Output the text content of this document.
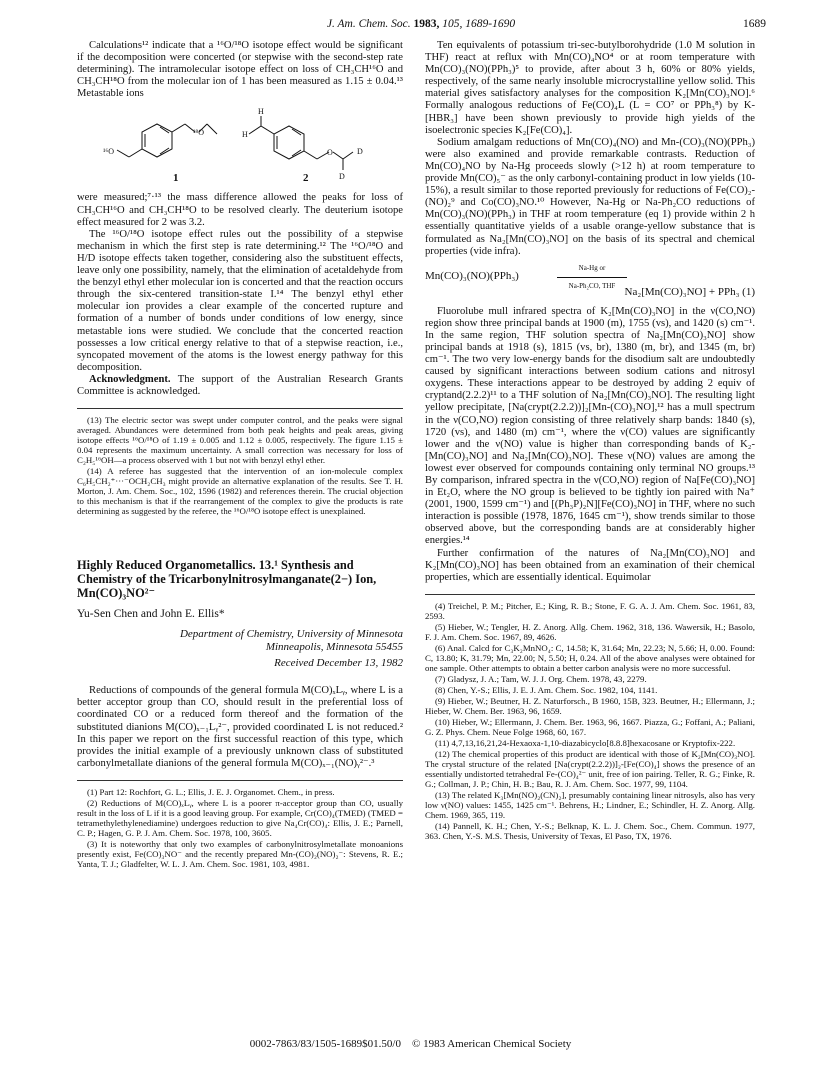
J. Am. Chem. Soc. 1983, 105, 1689-1690	1689

Calculations¹² indicate that a ¹⁶O/¹⁸O isotope effect would be significant if the decomposition were concerted (or stepwise with the second-step rate determining). The intramolecular isotope effect on loss of CH₃CH¹⁶O and CH₃CH¹⁸O from the molecular ion of 1 has been measured as 1.15 ± 0.04.¹³ Metastable ions

¹⁶O
¹⁸O
H
H
O	D
D
1	2

were measured;⁷·¹³ the mass difference allowed the peaks for loss of CH₃CH¹⁶O and CH₃CH¹⁸O to be resolved clearly. The deuterium isotope effect measured for 2 was 3.2.

The ¹⁶O/¹⁸O isotope effect rules out the possibility of a stepwise mechanism in which the first step is rate determining.¹² The ¹⁶O/¹⁸O and H/D isotope effects taken together, considering also the substituent effects, leave only one possibility, namely, that the elimination of acetaldehyde from the benzyl ethyl ether molecular ion is concerted and that the reaction occurs through the six-centered transition-state I.¹⁴ The benzyl ethyl ether molecular ion provides a clear example of the concerted rupture and formation of a number of bonds under conditions of low energy, since metastable ions were studied. We conclude that the concerted reaction possesses a low critical energy relative to that of a stepwise reaction, i.e., syncopated movement of the atoms is the lowest energy pathway for this decomposition.

Acknowledgment. The support of the Australian Research Grants Committee is acknowledged.

(13) The electric sector was swept under computer control, and the peaks were signal averaged. Abundances were determined from both peak heights and peak areas, giving isotope effects ¹⁶O/¹⁸O of 1.19 ± 0.005 and 1.12 ± 0.005, respectively. The figure 1.15 ± 0.04 represents the maximum uncertainty. A small correction was necessary for loss of C₂H₅¹⁶OH—a process observed with 1 but not with benzyl ethyl ether.

(14) A referee has suggested that the intervention of an ion-molecule complex C₆H₅CH₂⁺···⁻OCH₂CH₃ might provide an alternative explanation of the results. See T. H. Morton, J. Am. Chem. Soc., 102, 1596 (1982) and references therein. The crucial objection to this mechanism is that if the rearrangement of the complex to give the products is rate determining as suggested by the referee, the ¹⁶O/¹⁸O isotope effect is unexplained.

Highly Reduced Organometallics. 13.¹ Synthesis and Chemistry of the Tricarbonylnitrosylmanganate(2−) Ion, Mn(CO)₃NO²⁻
Yu-Sen Chen and John E. Ellis*
Department of Chemistry, University of Minnesota
Minneapolis, Minnesota 55455
Received December 13, 1982

Reductions of compounds of the general formula M(CO)ₓLᵧ, where L is a better acceptor group than CO, should result in the preferential loss of coordinated CO or a reduced form thereof and the formation of the substituted dianions M(CO)ₓ₋₁Lᵧ²⁻, provided coordinated L is not reduced.² In this paper we report on the first successful reaction of this type, which provides the initial example of a previously unknown class of substituted carbonylmetallate dianions of the general formula M(CO)ₓ₋₁(NO)ᵧ²⁻.³

(1) Part 12: Rochfort, G. L.; Ellis, J. E. J. Organomet. Chem., in press.

(2) Reductions of M(CO)ₓLᵧ, where L is a poorer π-acceptor group than CO, usually result in the loss of L if it is a good leaving group. For example, Cr(CO)₄(TMED) (TMED = tetramethylethylenediamine) undergoes reduction to give Na₄Cr(CO)₄: Ellis, J. E.; Parnell, C. P.; Hagen, G. P. J. Am. Chem. Soc. 1978, 100, 3605.

(3) It is noteworthy that only two examples of carbonylnitrosylmetallate monoanions presently exist, Fe(CO)₃NO⁻ and the recently prepared Mn-(CO)₂(NO)₂⁻: Stevens, R. E.; Yanta, T. J.; Gladfelter, W. L. J. Am. Chem. Soc. 1981, 103, 4981.

Ten equivalents of potassium tri-sec-butylborohydride (1.0 M solution in THF) react at reflux with Mn(CO)₄NO⁴ or at room temperature with Mn(CO)₃(NO)(PPh₃)⁵ to provide, after about 3 h, 60% or 80% yields, respectively, of the same nearly insoluble microcrystalline yellow solid. This material gives satisfactory analyses for the composition K₂[Mn(CO)₃NO].⁶ Formally analogous reductions of Fe(CO)₄L (L = CO⁷ or PPh₃⁸) by K-[HBR₃] have been shown previously to provide high yields of the isoelectronic species K₂[Fe(CO)₄].

Sodium amalgam reductions of Mn(CO)₄(NO) and Mn-(CO)₃(NO)(PPh₃) were also examined and provide remarkable contrasts. Reduction of Mn(CO)₄NO by Na-Hg proceeds slowly (>12 h) at room temperature to provide Mn(CO)₅⁻ as the only carbonyl-containing product in low yields (10-15%), a result similar to those reported previously for reductions of Fe(CO)₂-(NO)₂⁹ and Co(CO)₃NO.¹⁰ However, Na-Hg or Na-Ph₂CO reductions of Mn(CO)₃(NO)(PPh₃) in THF at room temperature (eq 1) provide within 2 h essentially quantitative yields of a usable orange-yellow substance that is formulated as Na₂[Mn(CO)₃NO] on the basis of its spectral and chemical properties (vide infra).

Mn(CO)₃(NO)(PPh₃)
Na-Hg or
Na-Ph₂CO, THF Na₂[Mn(CO)₃NO] + PPh₃ (1)

Fluorolube mull infrared spectra of K₂[Mn(CO)₃NO] in the ν(CO,NO) region show three principal bands at 1900 (m), 1755 (vs), and 1420 (s) cm⁻¹. In the same region, THF solution spectra of Na₂[Mn(CO)₃NO] show principal bands at 1918 (s), 1815 (vs, br), 1380 (m, br), and 1345 (m, br) cm⁻¹. The two very low-energy bands for the disodium salt are undoubtedly caused by significant interactions between sodium cations and nitrosyl oxygens. These interactions appear to be destroyed by adding 2 equiv of cryptand(2.2.2)¹¹ to a THF solution of Na₂[Mn(CO)₃NO]. The resulting light yellow precipitate, [Na(crypt(2.2.2))]₂[Mn-(CO)₃NO],¹² has a mull spectrum in the ν(CO,NO) region consisting of three relatively sharp bands: 1840 (s), 1720 (vs), and 1480 (m) cm⁻¹, where the ν(CO) values are significantly lower and the ν(NO) value is higher than corresponding bands of K₂-[Mn(CO)₃NO] and Na₂[Mn(CO)₃NO]. These ν(NO) values are among the lowest ever observed for compounds containing only terminal NO groups.¹³ By comparison, infrared spectra in the ν(CO,NO) region of Na[Fe(CO)₃NO] in Et₂O, where the NO group is believed to be tightly ion paired with Na⁺ (2001, 1900, 1599 cm⁻¹) and [(Ph₃P)₂N][Fe(CO)₃NO] in THF, where no such interaction is possible (1978, 1876, 1645 cm⁻¹), show trends similar to those observed above, but the corresponding bands are at considerably higher energies.¹⁴

Further confirmation of the natures of Na₂[Mn(CO)₃NO] and K₂[Mn(CO)₃NO] has been obtained from an examination of their chemical properties, which are essentially identical. Equimolar

(4) Treichel, P. M.; Pitcher, E.; King, R. B.; Stone, F. G. A. J. Am. Chem. Soc. 1961, 83, 2593.

(5) Hieber, W.; Tengler, H. Z. Anorg. Allg. Chem. 1962, 318, 136. Wawersik, H.; Basolo, F. J. Am. Chem. Soc. 1967, 89, 4626.

(6) Anal. Calcd for C₃K₂MnNO₄: C, 14.58; K, 31.64; Mn, 22.23; N, 5.66; H, 0.00. Found: C, 13.80; K, 31.79; Mn, 22.00; N, 5.50; H, 0.24. All of the above analyses were obtained for one sample. Other attempts to obtain a better carbon analysis were no more successful.

(7) Gladysz, J. A.; Tam, W. J. J. Org. Chem. 1978, 43, 2279.

(8) Chen, Y.-S.; Ellis, J. E. J. Am. Chem. Soc. 1982, 104, 1141.

(9) Hieber, W.; Beutner, H. Z. Naturforsch., B 1960, 15B, 323. Beutner, H.; Ellermann, J.; Hieber, W. Chem. Ber. 1963, 96, 1659.

(10) Hieber, W.; Ellermann, J. Chem. Ber. 1963, 96, 1667. Piazza, G.; Foffani, A.; Paliani, G. Z. Phys. Chem. Neue Folge 1968, 60, 167.

(11) 4,7,13,16,21,24-Hexaoxa-1,10-diazabicyclo[8.8.8]hexacosane or Kryptofix-222.

(12) The chemical properties of this product are identical with those of K₂[Mn(CO)₃NO]. The crystal structure of the related [Na(crypt(2.2.2))]₂-[Fe(CO)₄] shows the presence of an essentially undistorted tetrahedral Fe-(CO)₄²⁻ unit, free of ion pairing. Teller, R. G.; Finke, R. G.; Collman, J. P.; Chin, H. B.; Bau, R. J. Am. Chem. Soc. 1977, 99, 1104.

(13) The related K₃[Mn(NO)₂(CN)₂], presumably containing linear nitrosyls, also has very low ν(NO) values: 1455, 1425 cm⁻¹. Behrens, H.; Lindner, E.; Schindler, H. Z. Anorg. Allg. Chem. 1969, 365, 119.

(14) Pannell, K. H.; Chen, Y.-S.; Belknap, K. L. J. Chem. Soc., Chem. Commun. 1977, 363. Chen, Y.-S. M.S. Thesis, University of Texas, El Paso, TX, 1976.

0002-7863/83/1505-1689$01.50/0 © 1983 American Chemical Society
